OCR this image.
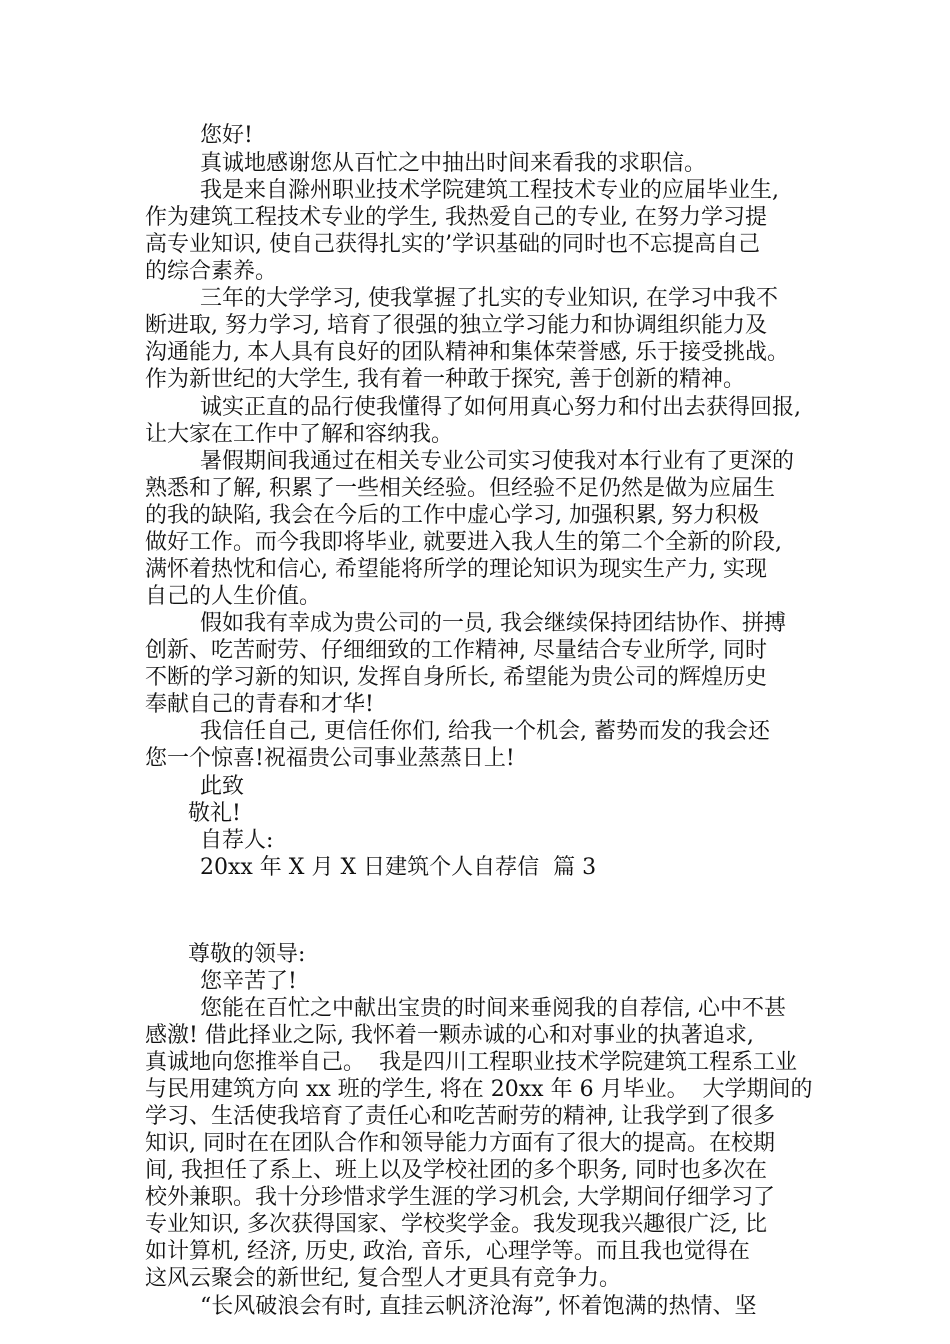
您好!
真诚地感谢您从百忙之中抽出时间来看我的求职信。
我是来自滁州职业技术学院建筑工程技术专业的应届毕业生,
作为建筑工程技术专业的学生, 我热爱自己的专业, 在努力学习提
高专业知识, 使自己获得扎实的’学识基础的同时也不忘提高自己
的综合素养。
三年的大学学习, 使我掌握了扎实的专业知识, 在学习中我不
断进取, 努力学习, 培育了很强的独立学习能力和协调组织能力及
沟通能力, 本人具有良好的团队精神和集体荣誉感, 乐于接受挑战。
作为新世纪的大学生, 我有着一种敢于探究, 善于创新的精神。
诚实正直的品行使我懂得了如何用真心努力和付出去获得回报,
让大家在工作中了解和容纳我。
暑假期间我通过在相关专业公司实习使我对本行业有了更深的
熟悉和了解, 积累了一些相关经验。但经验不足仍然是做为应届生
的我的缺陷, 我会在今后的工作中虚心学习, 加强积累, 努力积极
做好工作。而今我即将毕业, 就要进入我人生的第二个全新的阶段,
满怀着热忱和信心, 希望能将所学的理论知识为现实生产力, 实现
自己的人生价值。
假如我有幸成为贵公司的一员, 我会继续保持团结协作、拼搏
创新、吃苦耐劳、仔细细致的工作精神, 尽量结合专业所学, 同时
不断的学习新的知识, 发挥自身所长, 希望能为贵公司的辉煌历史
奉献自己的青春和才华!
我信任自己, 更信任你们, 给我一个机会, 蓄势而发的我会还
您一个惊喜!祝福贵公司事业蒸蒸日上!
此致
敬礼!
自荐人:
20xx 年 X 月 X 日建筑个人自荐信  篇 3
尊敬的领导:
您辛苦了!
您能在百忙之中献出宝贵的时间来垂阅我的自荐信, 心中不甚
感激! 借此择业之际, 我怀着一颗赤诚的心和对事业的执著追求,
真诚地向您推举自己。  我是四川工程职业技术学院建筑工程系工业
与民用建筑方向 xx 班的学生, 将在 20xx 年 6 月毕业。  大学期间的
学习、生活使我培育了责任心和吃苦耐劳的精神, 让我学到了很多
知识, 同时在在团队合作和领导能力方面有了很大的提高。在校期
间, 我担任了系上、班上以及学校社团的多个职务, 同时也多次在
校外兼职。我十分珍惜求学生涯的学习机会, 大学期间仔细学习了
专业知识, 多次获得国家、学校奖学金。我发现我兴趣很广泛, 比
如计算机, 经济, 历史, 政治, 音乐,  心理学等。而且我也觉得在
这风云聚会的新世纪, 复合型人才更具有竞争力。
“长风破浪会有时, 直挂云帆济沧海”, 怀着饱满的热情、坚
